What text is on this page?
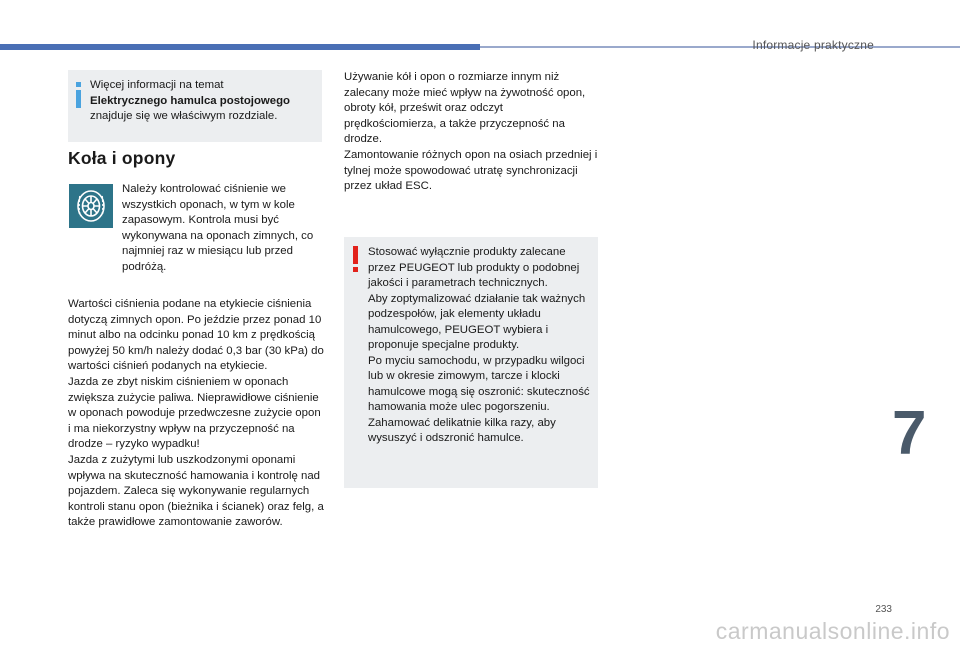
Informacje praktyczne
Więcej informacji na temat
Elektrycznego hamulca postojowego
znajduje się we właściwym rozdziale.
Koła i opony
Należy kontrolować ciśnienie we wszystkich oponach, w tym w kole zapasowym. Kontrola musi być wykonywana na oponach zimnych, co najmniej raz w miesiącu lub przed podróżą.

Wartości ciśnienia podane na etykiecie ciśnienia dotyczą zimnych opon. Po jeździe przez ponad 10 minut albo na odcinku ponad 10 km z prędkością powyżej 50 km/h należy dodać 0,3 bar (30 kPa) do wartości ciśnień podanych na etykiecie.

Jazda ze zbyt niskim ciśnieniem w oponach zwiększa zużycie paliwa. Nieprawidłowe ciśnienie w oponach powoduje przedwczesne zużycie opon i ma niekorzystny wpływ na przyczepność na drodze – ryzyko wypadku!

Jazda z zużytymi lub uszkodzonymi oponami wpływa na skuteczność hamowania i kontrolę nad pojazdem. Zaleca się wykonywanie regularnych kontroli stanu opon (bieżnika i ścianek) oraz felg, a także prawidłowe zamontowanie zaworów.

Używanie kół i opon o rozmiarze innym niż zalecany może mieć wpływ na żywotność opon, obroty kół, prześwit oraz odczyt prędkościomierza, a także przyczepność na drodze.

Zamontowanie różnych opon na osiach przedniej i tylnej może spowodować utratę synchronizacji przez układ ESC.

Stosować wyłącznie produkty zalecane przez PEUGEOT lub produkty o podobnej jakości i parametrach technicznych.

Aby zoptymalizować działanie tak ważnych podzespołów, jak elementy układu hamulcowego, PEUGEOT wybiera i proponuje specjalne produkty.

Po myciu samochodu, w przypadku wilgoci lub w okresie zimowym, tarcze i klocki hamulcowe mogą się oszronić: skuteczność hamowania może ulec pogorszeniu. Zahamować delikatnie kilka razy, aby wysuszyć i odszronić hamulce.	7
233
carmanualsonline.info
